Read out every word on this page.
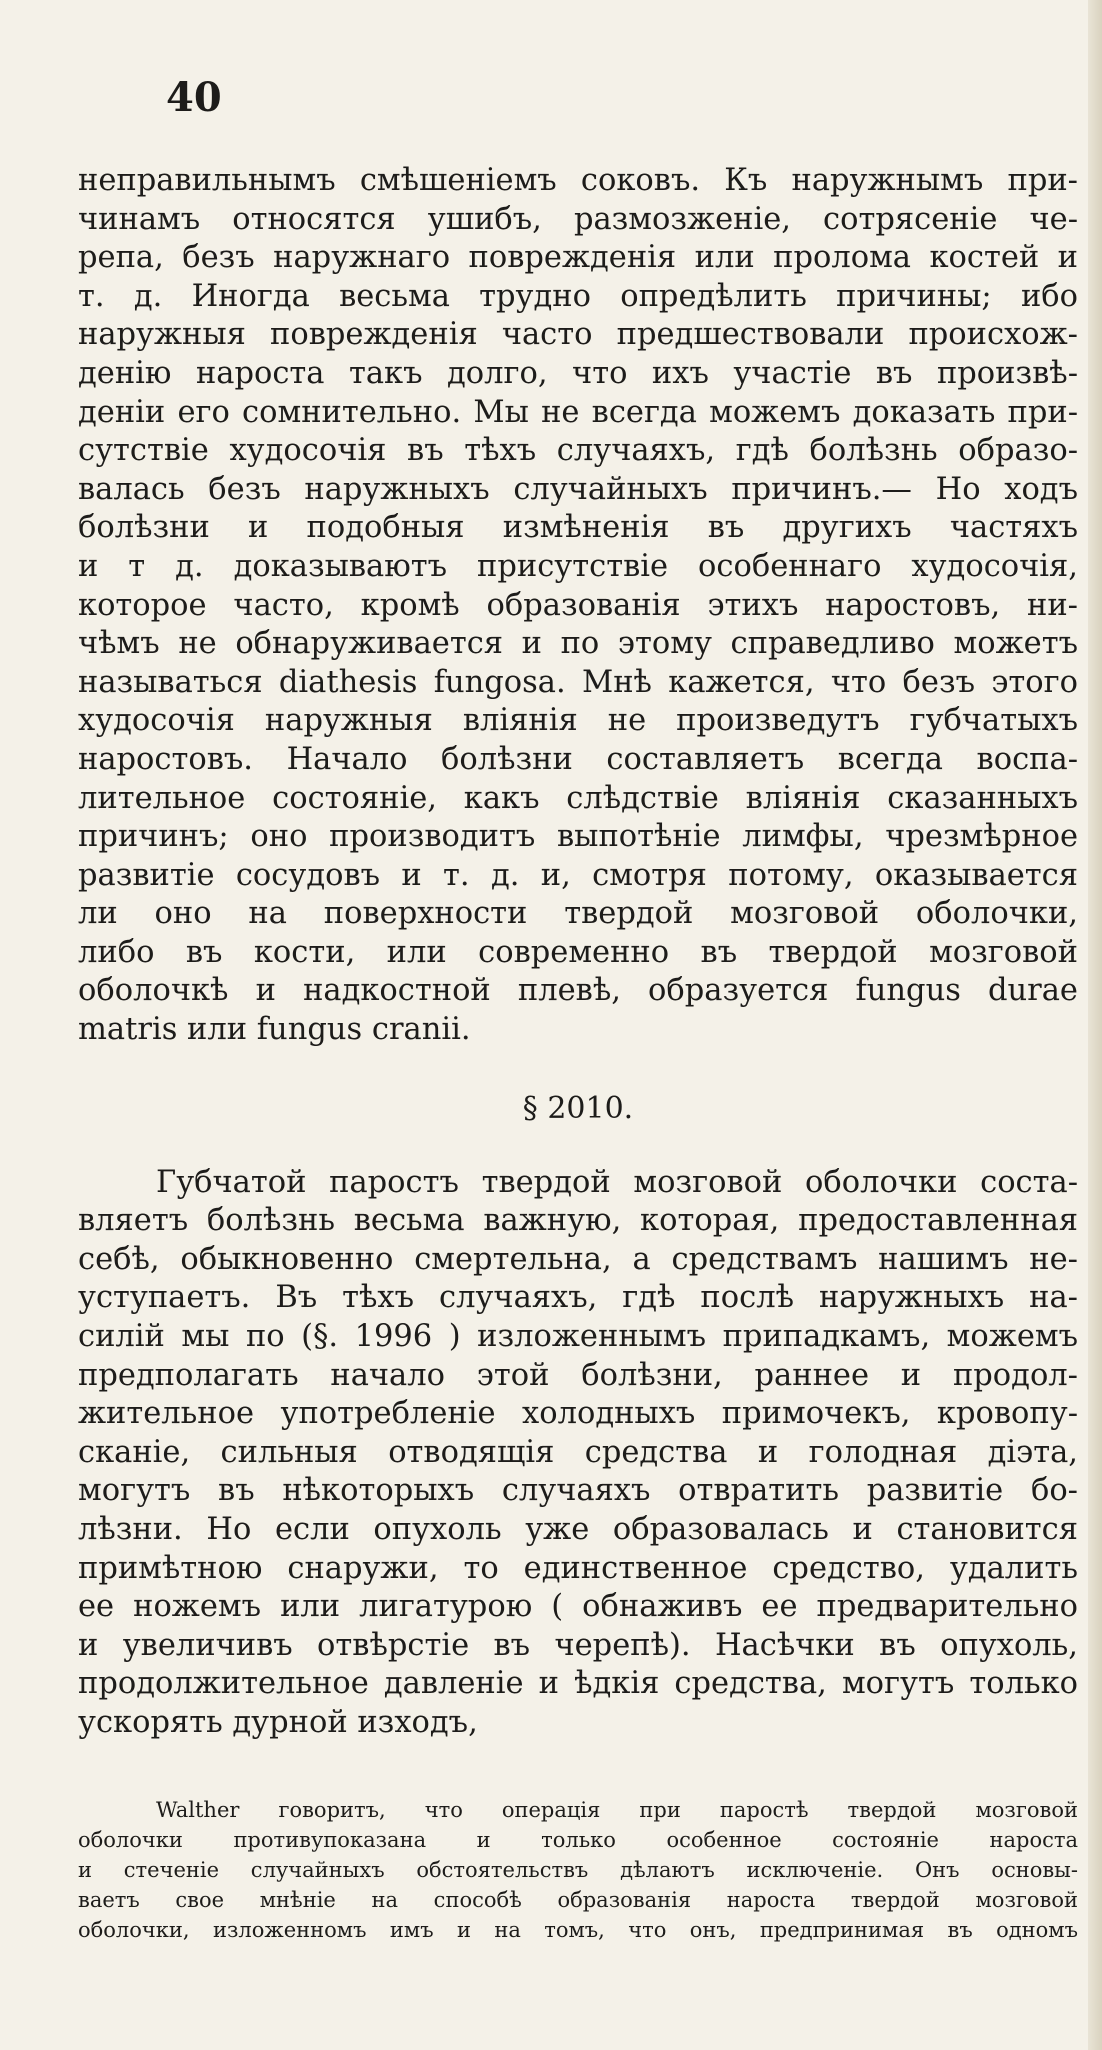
40
неправильнымъ смѣшеніемъ соковъ. Къ наружнымъ при-
чинамъ относятся ушибъ, размозженіе, сотрясеніе че-
репа, безъ наружнаго поврежденія или пролома костей и
т. д. Иногда весьма трудно опредѣлить причины; ибо
наружныя поврежденія часто предшествовали происхож-
денію нароста такъ долго, что ихъ участіе въ произвѣ-
деніи его сомнительно. Мы не всегда можемъ доказать при-
сутствіе худосочія въ тѣхъ случаяхъ, гдѣ болѣзнь образо-
валась безъ наружныхъ случайныхъ причинъ.— Но ходъ
болѣзни и подобныя измѣненія въ другихъ частяхъ
и т д. доказываютъ присутствіе особеннаго худосочія,
которое часто, кромѣ образованія этихъ наростовъ, ни-
чѣмъ не обнаруживается и по этому справедливо можетъ
называться diathesis fungosa. Мнѣ кажется, что безъ этого
худосочія наружныя вліянія не произведутъ губчатыхъ
наростовъ. Начало болѣзни составляетъ всегда воспа-
лительное состояніе, какъ слѣдствіе вліянія сказанныхъ
причинъ; оно производитъ выпотѣніе лимфы, чрезмѣрное
развитіе сосудовъ и т. д. и, смотря потому, оказывается
ли оно на поверхности твердой мозговой оболочки,
либо въ кости, или современно въ твердой мозговой
оболочкѣ и надкостной плевѣ, образуется fungus durae
matris или fungus cranii.
§ 2010.
Губчатой паростъ твердой мозговой оболочки соста-
вляетъ болѣзнь весьма важную, которая, предоставленная
себѣ, обыкновенно смертельна, а средствамъ нашимъ не-
уступаетъ. Въ тѣхъ случаяхъ, гдѣ послѣ наружныхъ на-
силій мы по (§. 1996 ) изложеннымъ припадкамъ, можемъ
предполагать начало этой болѣзни, раннее и продол-
жительное употребленіе холодныхъ примочекъ, кровопу-
сканіе, сильныя отводящія средства и голодная діэта,
могутъ въ нѣкоторыхъ случаяхъ отвратить развитіе бо-
лѣзни. Но если опухоль уже образовалась и становится
примѣтною снаружи, то единственное средство, удалить
ее ножемъ или лигатурою ( обнаживъ ее предварительно
и увеличивъ отвѣрстіе въ черепѣ). Насѣчки въ опухоль,
продолжительное давленіе и ѣдкія средства, могутъ только
ускорять дурной изходъ,
Walther говоритъ, что операція при паростѣ твердой мозговой
оболочки противупоказана и только особенное состояніе нароста
и стеченіе случайныхъ обстоятельствъ дѣлаютъ исключеніе. Онъ основы-
ваетъ свое мнѣніе на способѣ образованія нароста твердой мозговой
оболочки, изложенномъ имъ и на томъ, что онъ, предпринимая въ одномъ
